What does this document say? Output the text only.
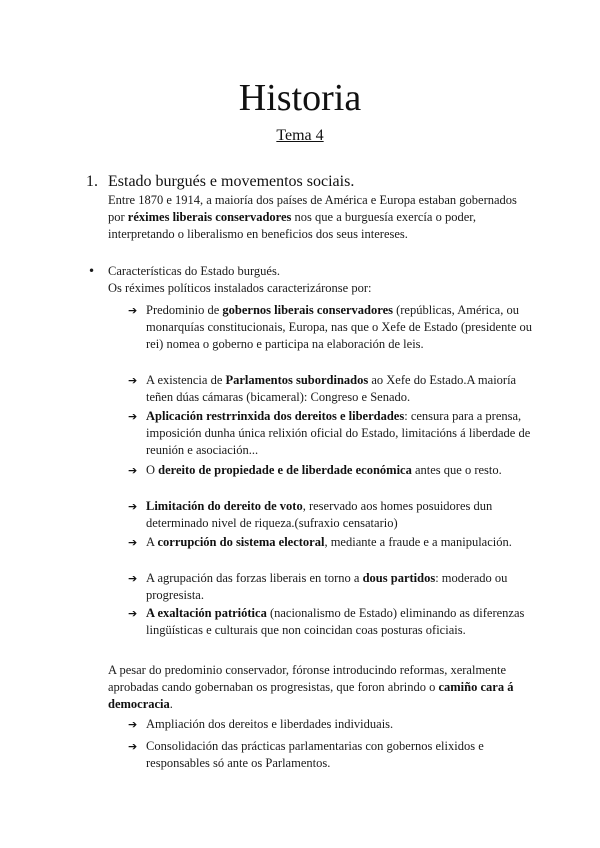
Historia
Tema 4
1. Estado burgués e movementos sociais.
Entre 1870 e 1914, a maioría dos países de América e Europa estaban gobernados por réximes liberais conservadores nos que a burguesía exercía o poder, interpretando o liberalismo en beneficios dos seus intereses.
• Características do Estado burgués.
Os réximes políticos instalados caracterizáronse por:
➔ Predominio de gobernos liberais conservadores (repúblicas, América, ou monarquías constitucionais, Europa, nas que o Xefe de Estado (presidente ou rei) nomea o goberno e participa na elaboración de leis.
➔ A existencia de Parlamentos subordinados ao Xefe do Estado.A maioría teñen dúas cámaras (bicameral): Congreso e Senado.
➔ Aplicación restrrinxida dos dereitos e liberdades: censura para a prensa, imposición dunha única relixión oficial do Estado, limitacións á liberdade de reunión e asociación...
➔ O dereito de propiedade e de liberdade económica antes que o resto.
➔ Limitación do dereito de voto, reservado aos homes posuidores dun determinado nivel de riqueza.(sufraxio censatario)
➔ A corrupción do sistema electoral, mediante a fraude e a manipulación.
➔ A agrupación das forzas liberais en torno a dous partidos: moderado ou progresista.
➔ A exaltación patriótica (nacionalismo de Estado) eliminando as diferenzas lingüísticas e culturais que non coincidan coas posturas oficiais.
A pesar do predominio conservador, fóronse introducindo reformas, xeralmente aprobadas cando gobernaban os progresistas, que foron abrindo o camiño cara á democracia.
➔ Ampliación dos dereitos e liberdades individuais.
➔ Consolidación das prácticas parlamentarias con gobernos elixidos e responsables só ante os Parlamentos.
